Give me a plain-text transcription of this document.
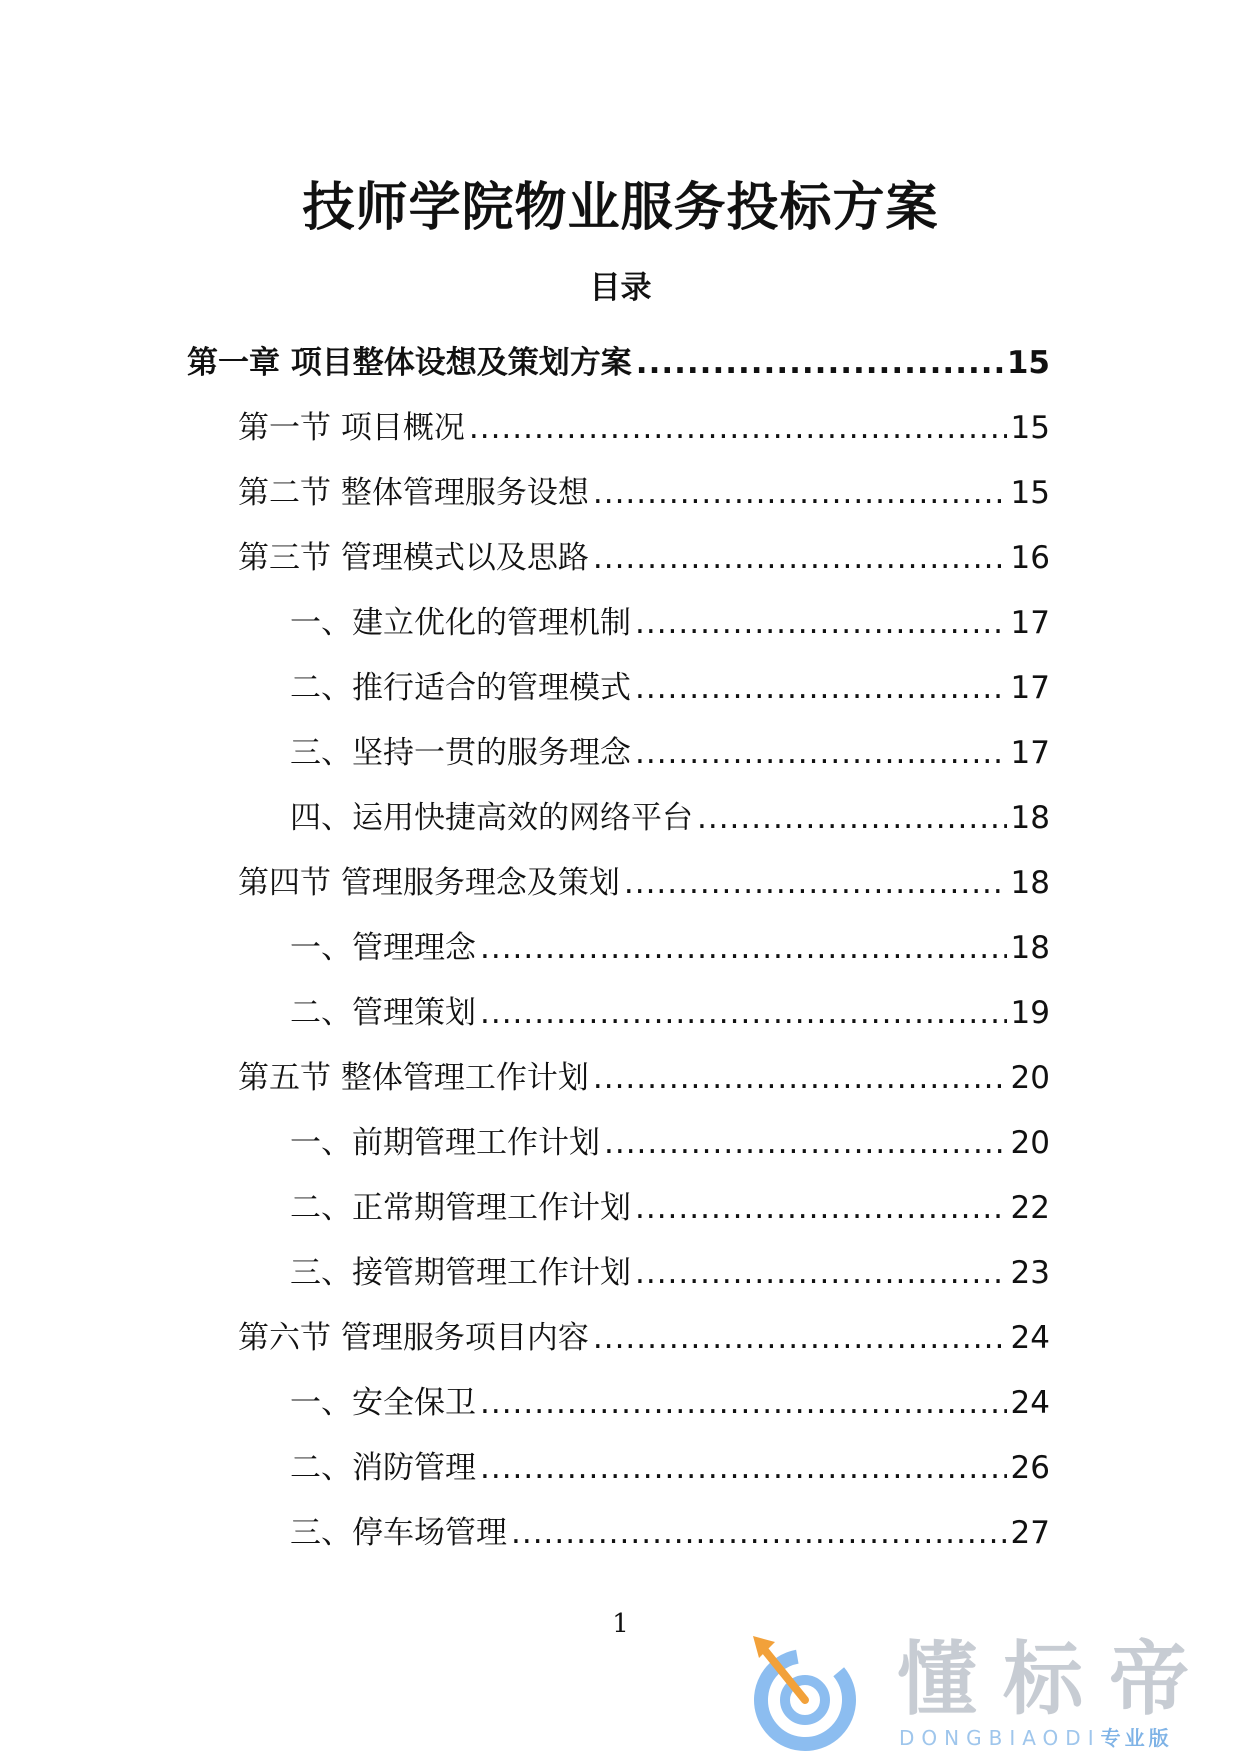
技师学院物业服务投标方案
目录
第一章 项目整体设想及策划方案 .....	15
第一节 项目概况 .....	15
第二节 整体管理服务设想 .....	15
第三节 管理模式以及思路 .....	16
一、建立优化的管理机制 .....	17
二、推行适合的管理模式 .....	17
三、坚持一贯的服务理念 .....	17
四、运用快捷高效的网络平台 .....	18
第四节 管理服务理念及策划 .....	18
一、管理理念 .....	18
二、管理策划 .....	19
第五节 整体管理工作计划 .....	20
一、前期管理工作计划 .....	20
二、正常期管理工作计划 .....	22
三、接管期管理工作计划 .....	23
第六节 管理服务项目内容 .....	24
一、安全保卫 .....	24
二、消防管理 .....	26
三、停车场管理 .....	27
1
懂标帝
DONGBIAODI专业版
